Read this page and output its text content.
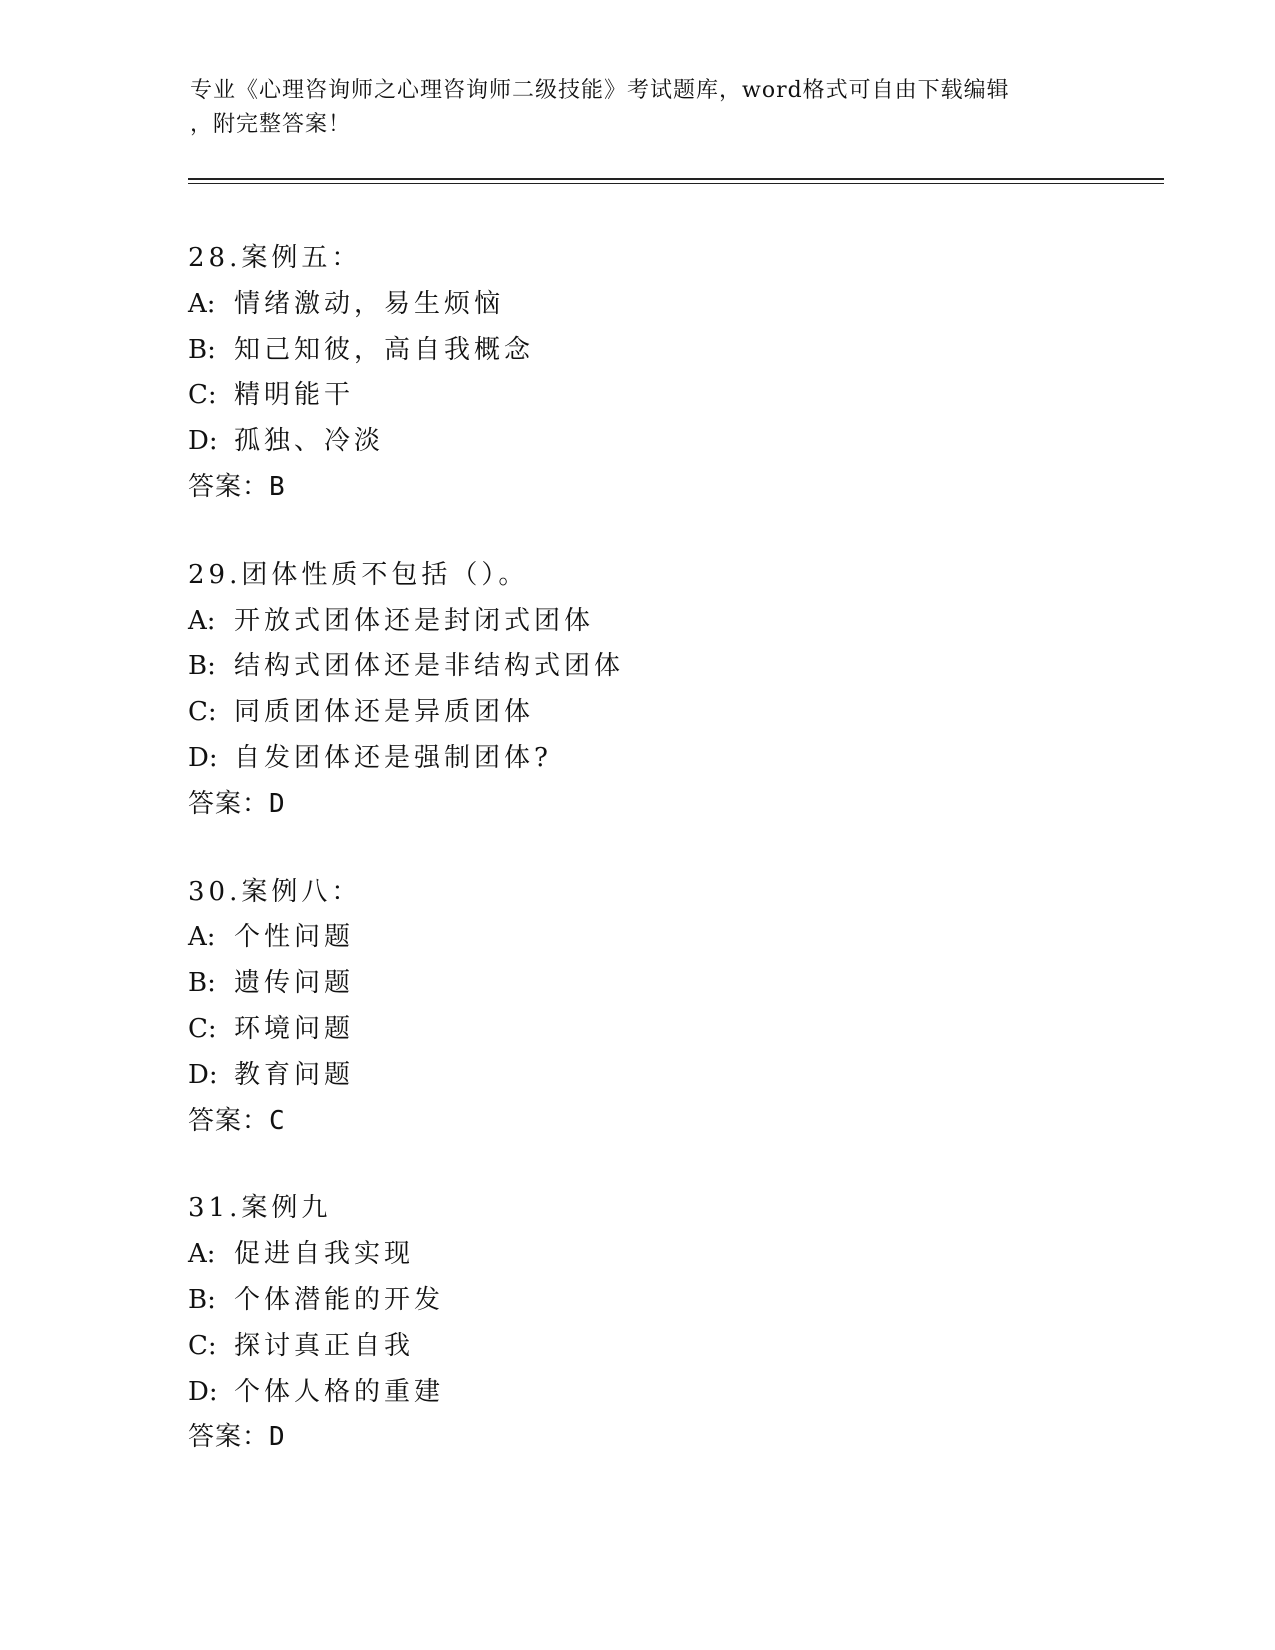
专业《心理咨询师之心理咨询师二级技能》考试题库，word格式可自由下载编辑
，附完整答案！
28.案例五：
A: 情绪激动，易生烦恼
B: 知己知彼，高自我概念
C: 精明能干
D: 孤独、冷淡
答案：B
29.团体性质不包括（）。
A: 开放式团体还是封闭式团体
B: 结构式团体还是非结构式团体
C: 同质团体还是异质团体
D: 自发团体还是强制团体?
答案：D
30.案例八：
A: 个性问题
B: 遗传问题
C: 环境问题
D: 教育问题
答案：C
31.案例九
A: 促进自我实现
B: 个体潜能的开发
C: 探讨真正自我
D: 个体人格的重建
答案：D
